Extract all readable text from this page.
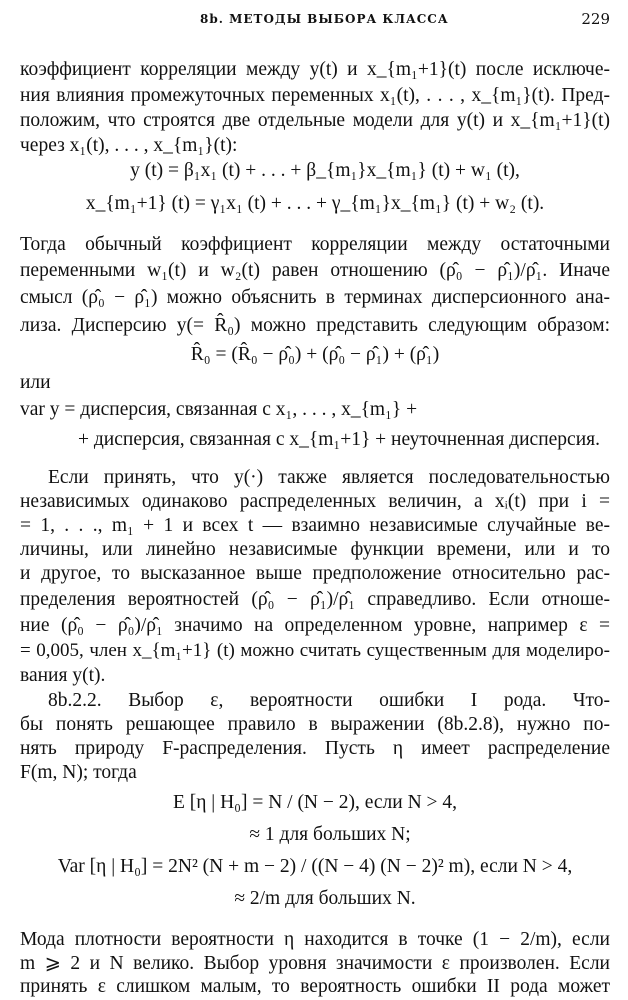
8b. МЕТОДЫ ВЫБОРА КЛАССА	229
коэффициент корреляции между y(t) и x_{m₁+1}(t) после исключе-
ния влияния промежуточных переменных x₁(t), . . . , x_{m₁}(t). Пред-
положим, что строятся две отдельные модели для y(t) и x_{m₁+1}(t)
через x₁(t), . . . , x_{m₁}(t):
y (t) = β₁x₁ (t) + . . . + β_{m₁}x_{m₁} (t) + w₁ (t),
x_{m₁+1} (t) = γ₁x₁ (t) + . . . + γ_{m₁}x_{m₁} (t) + w₂ (t).
Тогда обычный коэффициент корреляции между остаточными
переменными w₁(t) и w₂(t) равен отношению (ρ̂₀ − ρ̂₁)/ρ̂₁. Иначе
смысл (ρ̂₀ − ρ̂₁) можно объяснить в терминах дисперсионного ана-
лиза. Дисперсию y(= R̂₀) можно представить следующим образом:
R̂₀ = (R̂₀ − ρ̂₀) + (ρ̂₀ − ρ̂₁) + (ρ̂₁)
или
var y = дисперсия, связанная с x₁, . . . , x_{m₁} +
+ дисперсия, связанная с x_{m₁+1} + неуточненная дисперсия.
Если принять, что y(·) также является последовательностью
независимых одинаково распределенных величин, а xᵢ(t) при i =
= 1, . . ., m₁ + 1 и всех t — взаимно независимые случайные ве-
личины, или линейно независимые функции времени, или и то
и другое, то высказанное выше предположение относительно рас-
пределения вероятностей (ρ̂₀ − ρ̂₁)/ρ̂₁ справедливо. Если отноше-
ние (ρ̂₀ − ρ̂₀)/ρ̂₁ значимо на определенном уровне, например ε =
= 0,005, член x_{m₁+1} (t) можно считать существенным для моделиро-
вания y(t).
8b.2.2. Выбор ε, вероятности ошибки I рода. Что-
бы понять решающее правило в выражении (8b.2.8), нужно по-
нять природу F-распределения. Пусть η имеет распределение
F(m, N); тогда
E [η | H₀] = N / (N − 2), если N > 4,
≈ 1 для больших N;
Var [η | H₀] = 2N² (N + m − 2) / ((N − 4) (N − 2)² m), если N > 4,
≈ 2/m для больших N.
Мода плотности вероятности η находится в точке (1 − 2/m), если
m ⩾ 2 и N велико. Выбор уровня значимости ε произволен. Если
принять ε слишком малым, то вероятность ошибки II рода может
